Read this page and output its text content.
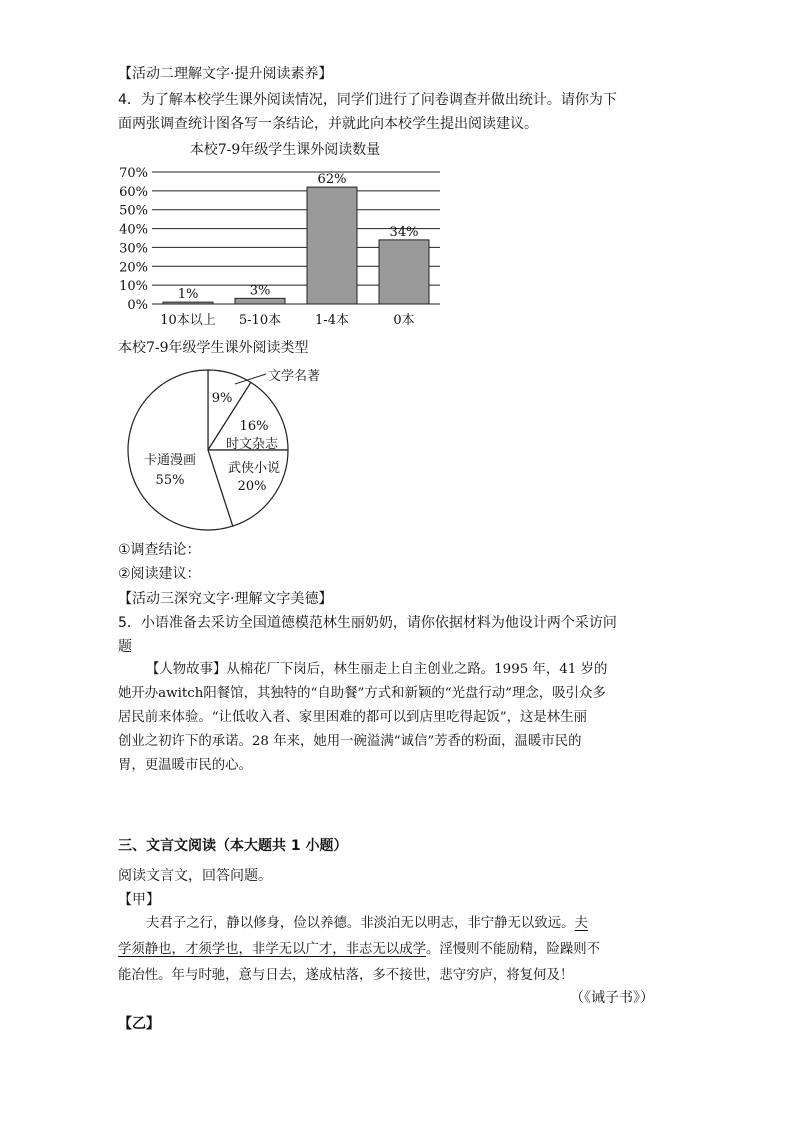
【活动二理解文字·提升阅读素养】
4．为了解本校学生课外阅读情况，同学们进行了问卷调查并做出统计。请你为下
面两张调查统计图各写一条结论，并就此向本校学生提出阅读建议。
本校7-9年级学生课外阅读数量
0%
10%
20%
30%
40%
50%
60%
70%
1%
10本以上
3%
5-10本
62%
1-4本
34%
0本
本校7-9年级学生课外阅读类型
9%
文学名著
16%
时文杂志
武侠小说
20%
卡通漫画
55%
①调查结论：
②阅读建议：
【活动三深究文字·理解文字美德】
5．小语准备去采访全国道德模范林生丽奶奶，请你依据材料为他设计两个采访问
题
【人物故事】从棉花厂下岗后，林生丽走上自主创业之路。1995 年，41 岁的
她开办awitch阳餐馆，其独特的“自助餐”方式和新颖的“光盘行动”理念，吸引众多
居民前来体验。“让低收入者、家里困难的都可以到店里吃得起饭”，这是林生丽
创业之初许下的承诺。28 年来，她用一碗溢满“诚信”芳香的粉面，温暖市民的
胃，更温暖市民的心。
三、文言文阅读（本大题共 1 小题）
阅读文言文，回答问题。
【甲】
夫君子之行，静以修身，俭以养德。非淡泊无以明志，非宁静无以致远。夫
学须静也，才须学也，非学无以广才，非志无以成学。淫慢则不能励精，险躁则不
能冶性。年与时驰，意与日去，遂成枯落，多不接世，悲守穷庐，将复何及！
（《诫子书》）
【乙】
